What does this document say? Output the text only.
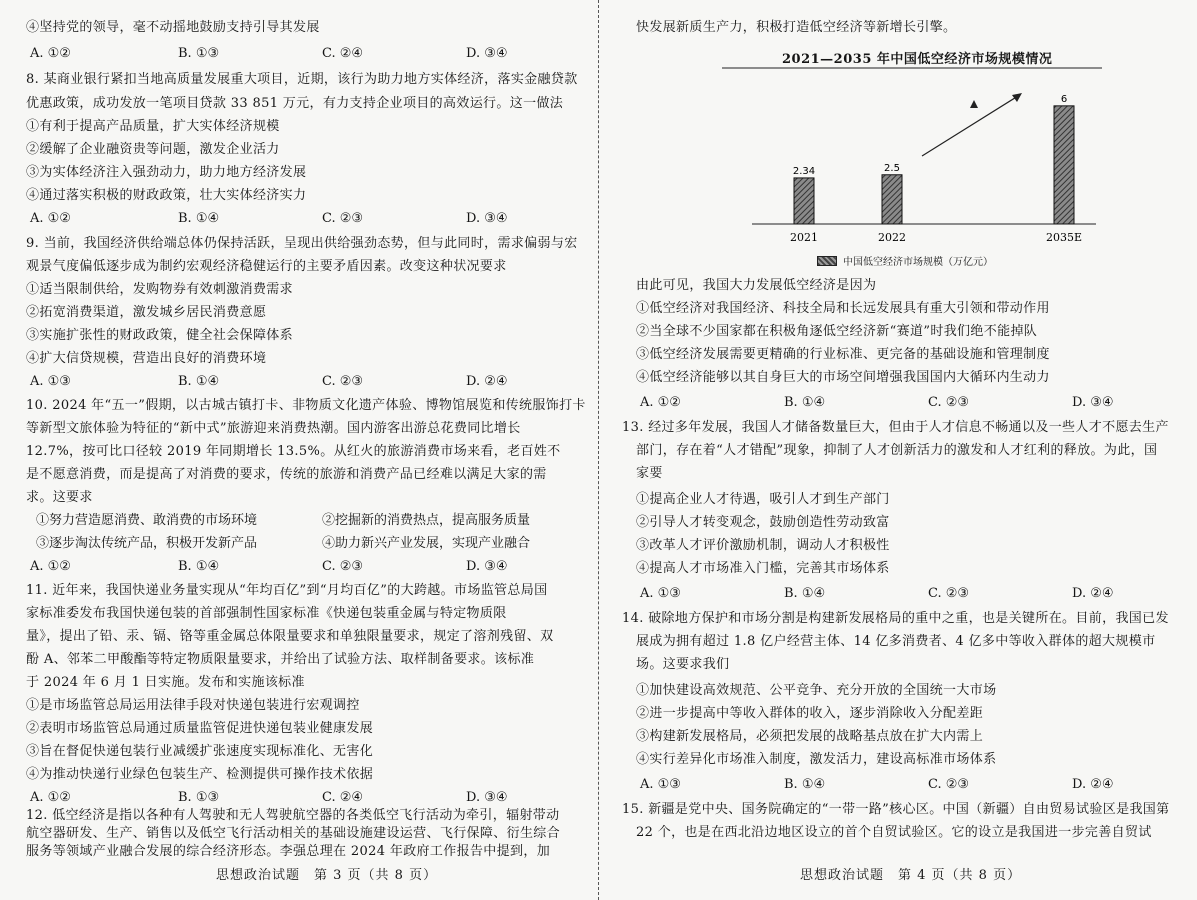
④坚持党的领导，毫不动摇地鼓励支持引导其发展
A. ①②	B. ①③	C. ②④	D. ③④
8. 某商业银行紧扣当地高质量发展重大项目，近期，该行为助力地方实体经济，落实金融贷款
优惠政策，成功发放一笔项目贷款 33 851 万元，有力支持企业项目的高效运行。这一做法
①有利于提高产品质量，扩大实体经济规模
②缓解了企业融资贵等问题，激发企业活力
③为实体经济注入强劲动力，助力地方经济发展
④通过落实积极的财政政策，壮大实体经济实力
A. ①②	B. ①④	C. ②③	D. ③④
9. 当前，我国经济供给端总体仍保持活跃，呈现出供给强劲态势，但与此同时，需求偏弱与宏
观景气度偏低逐步成为制约宏观经济稳健运行的主要矛盾因素。改变这种状况要求
①适当限制供给，发购物券有效刺激消费需求
②拓宽消费渠道，激发城乡居民消费意愿
③实施扩张性的财政政策，健全社会保障体系
④扩大信贷规模，营造出良好的消费环境
A. ①③	B. ①④	C. ②③	D. ②④
10. 2024 年“五一”假期，以古城古镇打卡、非物质文化遗产体验、博物馆展览和传统服饰打卡
等新型文旅体验为特征的“新中式”旅游迎来消费热潮。国内游客出游总花费同比增长
12.7%，按可比口径较 2019 年同期增长 13.5%。从红火的旅游消费市场来看，老百姓不
是不愿意消费，而是提高了对消费的要求，传统的旅游和消费产品已经难以满足大家的需
求。这要求
①努力营造愿消费、敢消费的市场环境	②挖掘新的消费热点，提高服务质量
③逐步淘汰传统产品，积极开发新产品	④助力新兴产业发展，实现产业融合
A. ①②	B. ①④	C. ②③	D. ③④
11. 近年来，我国快递业务量实现从“年均百亿”到“月均百亿”的大跨越。市场监管总局国
家标准委发布我国快递包装的首部强制性国家标准《快递包装重金属与特定物质限
量》，提出了铅、汞、镉、铬等重金属总体限量要求和单独限量要求，规定了溶剂残留、双
酚 A、邻苯二甲酸酯等特定物质限量要求，并给出了试验方法、取样制备要求。该标准
于 2024 年 6 月 1 日实施。发布和实施该标准
①是市场监管总局运用法律手段对快递包装进行宏观调控
②表明市场监管总局通过质量监管促进快递包装业健康发展
③旨在督促快递包装行业减缓扩张速度实现标准化、无害化
④为推动快递行业绿色包装生产、检测提供可操作技术依据
A. ①②	B. ①③	C. ②④	D. ③④
12. 低空经济是指以各种有人驾驶和无人驾驶航空器的各类低空飞行活动为牵引，辐射带动
航空器研发、生产、销售以及低空飞行活动相关的基础设施建设运营、飞行保障、衍生综合
服务等领域产业融合发展的综合经济形态。李强总理在 2024 年政府工作报告中提到，加
思想政治试题　第 3 页（共 8 页）
快发展新质生产力，积极打造低空经济等新增长引擎。
2021—2035 年中国低空经济市场规模情况
2.34
2021
2.5
2022
6
2035E
中国低空经济市场规模（万亿元）
由此可见，我国大力发展低空经济是因为
①低空经济对我国经济、科技全局和长远发展具有重大引领和带动作用
②当全球不少国家都在积极角逐低空经济新“赛道”时我们绝不能掉队
③低空经济发展需要更精确的行业标准、更完备的基础设施和管理制度
④低空经济能够以其自身巨大的市场空间增强我国国内大循环内生动力
A. ①②	B. ①④	C. ②③	D. ③④
13. 经过多年发展，我国人才储备数量巨大，但由于人才信息不畅通以及一些人才不愿去生产
部门，存在着“人才错配”现象，抑制了人才创新活力的激发和人才红利的释放。为此，国
家要
①提高企业人才待遇，吸引人才到生产部门
②引导人才转变观念，鼓励创造性劳动致富
③改革人才评价激励机制，调动人才积极性
④提高人才市场准入门槛，完善其市场体系
A. ①③	B. ①④	C. ②③	D. ②④
14. 破除地方保护和市场分割是构建新发展格局的重中之重，也是关键所在。目前，我国已发
展成为拥有超过 1.8 亿户经营主体、14 亿多消费者、4 亿多中等收入群体的超大规模市
场。这要求我们
①加快建设高效规范、公平竞争、充分开放的全国统一大市场
②进一步提高中等收入群体的收入，逐步消除收入分配差距
③构建新发展格局，必须把发展的战略基点放在扩大内需上
④实行差异化市场准入制度，激发活力，建设高标准市场体系
A. ①③	B. ①④	C. ②③	D. ②④
15. 新疆是党中央、国务院确定的“一带一路”核心区。中国（新疆）自由贸易试验区是我国第
22 个，也是在西北沿边地区设立的首个自贸试验区。它的设立是我国进一步完善自贸试
思想政治试题　第 4 页（共 8 页）
